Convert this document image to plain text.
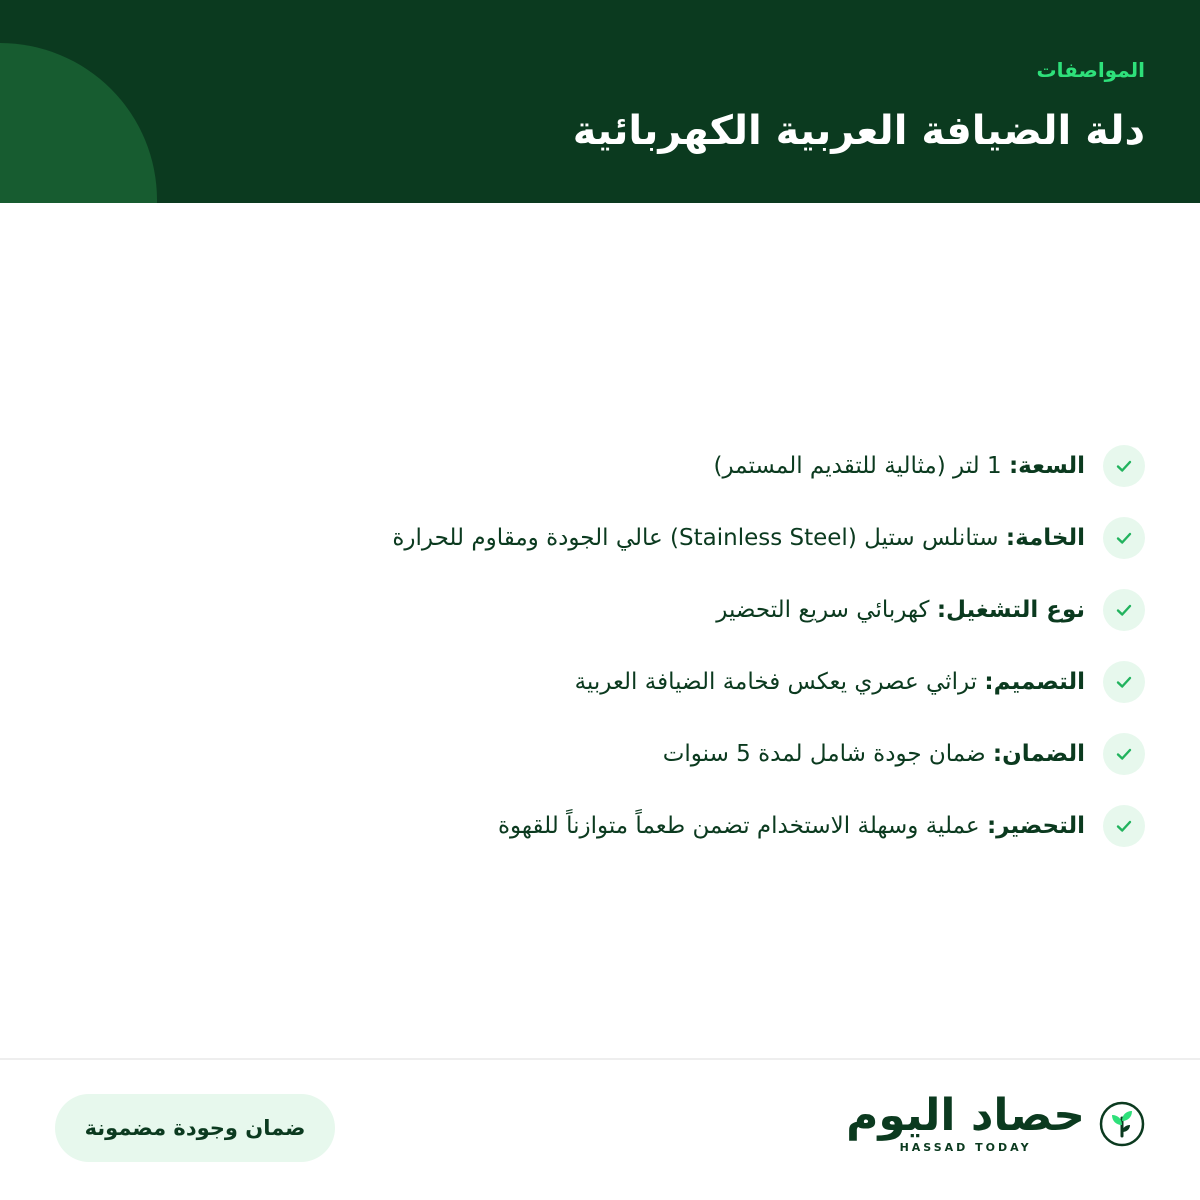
المواصفات
دلة الضيافة العربية الكهربائية
السعة: 1 لتر (مثالية للتقديم المستمر)
الخامة: ستانلس ستيل (Stainless Steel) عالي الجودة ومقاوم للحرارة
نوع التشغيل: كهربائي سريع التحضير
التصميم: تراثي عصري يعكس فخامة الضيافة العربية
الضمان: ضمان جودة شامل لمدة 5 سنوات
التحضير: عملية وسهلة الاستخدام تضمن طعماً متوازناً للقهوة
ضمان وجودة مضمونة	حصاد اليوم
HASSAD TODAY
